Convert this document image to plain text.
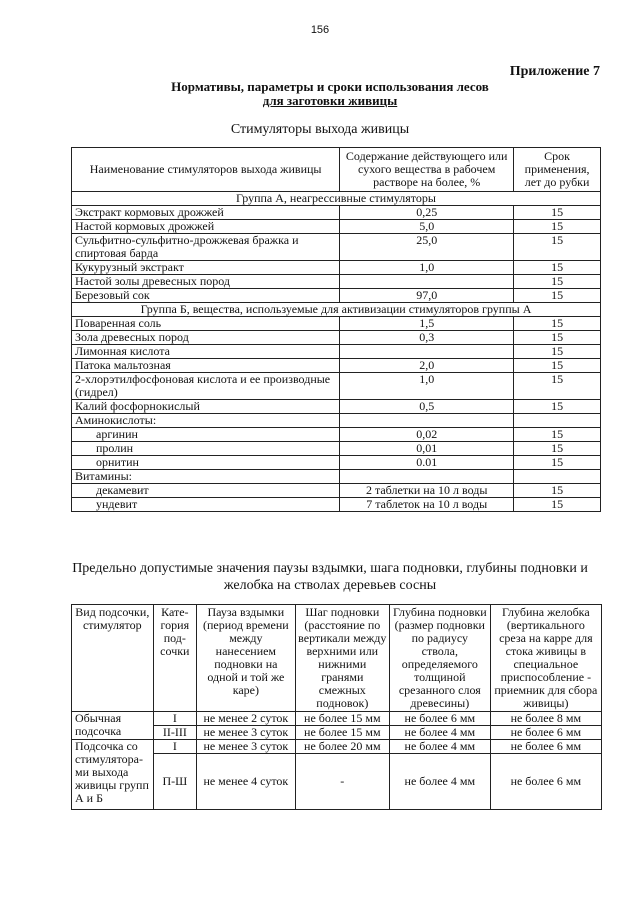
156
Приложение 7
Нормативы, параметры и сроки использования лесов
для заготовки живицы
Стимуляторы выхода живицы
Наименование стимуляторов выхода живицы	Содержание действующего или сухого вещества в рабочем растворе на более, %	Срок применения, лет до рубки
Группа А, неагрессивные стимуляторы		
Экстракт кормовых дрожжей	0,25	15
Настой кормовых дрожжей	5,0	15
Сульфитно-сульфитно-дрожжевая бражка и спиртовая барда	25,0	15
Кукурузный экстракт	1,0	15
Настой золы древесных пород		15
Березовый сок	97,0	15
Группа Б, вещества, используемые для активизации стимуляторов группы А		
Поваренная соль	1,5	15
Зола древесных пород	0,3	15
Лимонная кислота		15
Патока мальтозная	2,0	15
2-хлорэтилфосфоновая кислота и ее производные (гидрел)	1,0	15
Калий фосфорнокислый	0,5	15
Аминокислоты:		
аргинин	0,02	15
пролин	0,01	15
орнитин	0.01	15
Витамины:		
декамевит	2 таблетки на 10 л воды	15
ундевит	7 таблеток на 10 л воды	15
Предельно допустимые значения паузы вздымки, шага подновки, глубины подновки и желобка на стволах деревьев сосны
Вид подсочки, стимулятор	Кате-гория под-сочки	Пауза вздымки (период времени между нанесением подновки на одной и той же каре)	Шаг подновки (расстояние по вертикали между верхними или нижними гранями смежных подновок)	Глубина подновки (размер подновки по радиусу ствола, определяемого толщиной срезанного слоя древесины)	Глубина желобка (вертикального среза на карре для стока живицы в специальное приспособление - приемник для сбора живицы)
Обычная подсочка	I	не менее 2 суток	не более 15 мм	не более 6 мм	не более 8 мм
	II-III	не менее 3 суток	не более 15 мм	не более 4 мм	не более 6 мм
Подсочка со стимулятора-ми выхода живицы групп А и Б	I	не менее 3 суток	не более 20 мм	не более 4 мм	не более 6 мм
	П-Ш	не менее 4 суток	-	не более 4 мм	не более 6 мм
